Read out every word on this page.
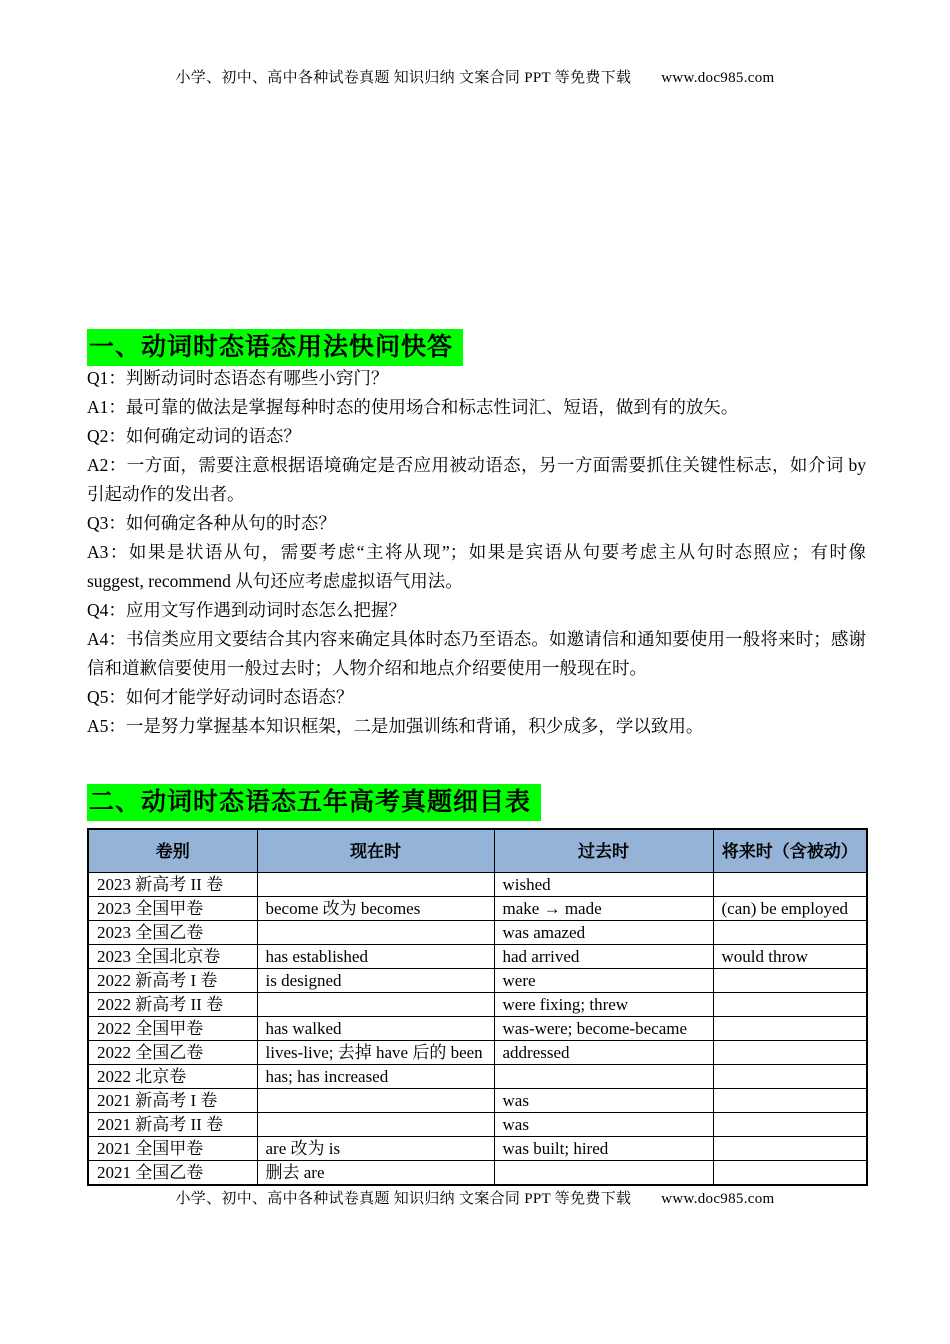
小学、初中、高中各种试卷真题 知识归纳 文案合同 PPT 等免费下载 www.doc985.com
一、动词时态语态用法快问快答

Q1：判断动词时态语态有哪些小窍门？

A1：最可靠的做法是掌握每种时态的使用场合和标志性词汇、短语，做到有的放矢。

Q2：如何确定动词的语态？

A2：一方面，需要注意根据语境确定是否应用被动语态，另一方面需要抓住关键性标志，如介词 by 引起动作的发出者。

Q3：如何确定各种从句的时态？

A3：如果是状语从句，需要考虑“主将从现”；如果是宾语从句要考虑主从句时态照应；有时像 suggest, recommend 从句还应考虑虚拟语气用法。

Q4：应用文写作遇到动词时态怎么把握？

A4：书信类应用文要结合其内容来确定具体时态乃至语态。如邀请信和通知要使用一般将来时；感谢信和道歉信要使用一般过去时；人物介绍和地点介绍要使用一般现在时。

Q5：如何才能学好动词时态语态？

A5：一是努力掌握基本知识框架，二是加强训练和背诵，积少成多，学以致用。

二、动词时态语态五年高考真题细目表
卷别	现在时	过去时	将来时（含被动）
2023 新高考 II 卷		wished	
2023 全国甲卷	become 改为 becomes	make → made	(can) be employed
2023 全国乙卷		was amazed	
2023 全国北京卷	has established	had arrived	would throw
2022 新高考 I 卷	is designed	were	
2022 新高考 II 卷		were fixing; threw	
2022 全国甲卷	has walked	was-were; become-became	
2022 全国乙卷	lives-live; 去掉 have 后的 been	addressed	
2022 北京卷	has; has increased		
2021 新高考 I 卷		was	
2021 新高考 II 卷		was	
2021 全国甲卷	are 改为 is	was built; hired	
2021 全国乙卷	删去 are		
小学、初中、高中各种试卷真题 知识归纳 文案合同 PPT 等免费下载 www.doc985.com
